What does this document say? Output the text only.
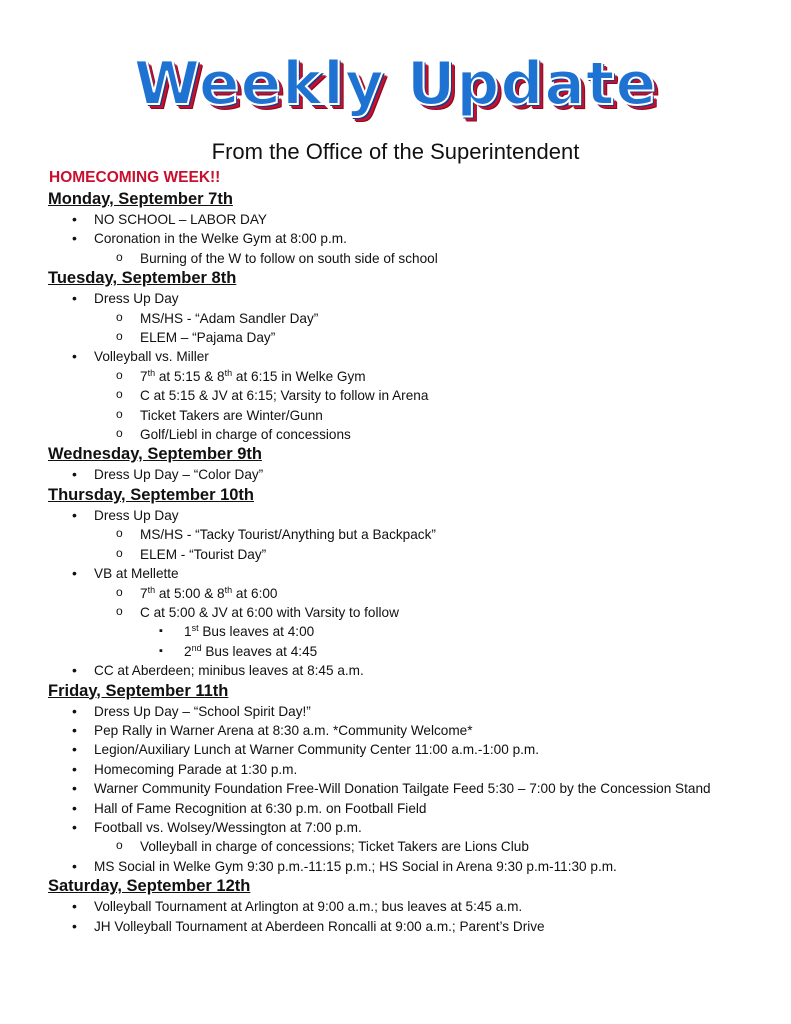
Weekly Update
From the Office of the Superintendent
HOMECOMING WEEK!!
Monday, September 7th
• NO SCHOOL – LABOR DAY
• Coronation in the Welke Gym at 8:00 p.m.
o Burning of the W to follow on south side of school
Tuesday, September 8th
• Dress Up Day
o MS/HS - “Adam Sandler Day”
o ELEM – “Pajama Day”
• Volleyball vs. Miller
o 7th at 5:15 & 8th at 6:15 in Welke Gym
o C at 5:15 & JV at 6:15; Varsity to follow in Arena
o Ticket Takers are Winter/Gunn
o Golf/Liebl in charge of concessions
Wednesday, September 9th
• Dress Up Day – “Color Day”
Thursday, September 10th
• Dress Up Day
o MS/HS - “Tacky Tourist/Anything but a Backpack”
o ELEM - “Tourist Day”
• VB at Mellette
o 7th at 5:00 & 8th at 6:00
o C at 5:00 & JV at 6:00 with Varsity to follow
▪ 1st Bus leaves at 4:00
▪ 2nd Bus leaves at 4:45
• CC at Aberdeen; minibus leaves at 8:45 a.m.
Friday, September 11th
• Dress Up Day – “School Spirit Day!”
• Pep Rally in Warner Arena at 8:30 a.m. *Community Welcome*
• Legion/Auxiliary Lunch at Warner Community Center 11:00 a.m.-1:00 p.m.
• Homecoming Parade at 1:30 p.m.
• Warner Community Foundation Free-Will Donation Tailgate Feed 5:30 – 7:00 by the Concession Stand
• Hall of Fame Recognition at 6:30 p.m. on Football Field
• Football vs. Wolsey/Wessington at 7:00 p.m.
o Volleyball in charge of concessions; Ticket Takers are Lions Club
• MS Social in Welke Gym 9:30 p.m.-11:15 p.m.; HS Social in Arena 9:30 p.m-11:30 p.m.
Saturday, September 12th
• Volleyball Tournament at Arlington at 9:00 a.m.; bus leaves at 5:45 a.m.
• JH Volleyball Tournament at Aberdeen Roncalli at 9:00 a.m.; Parent’s Drive
